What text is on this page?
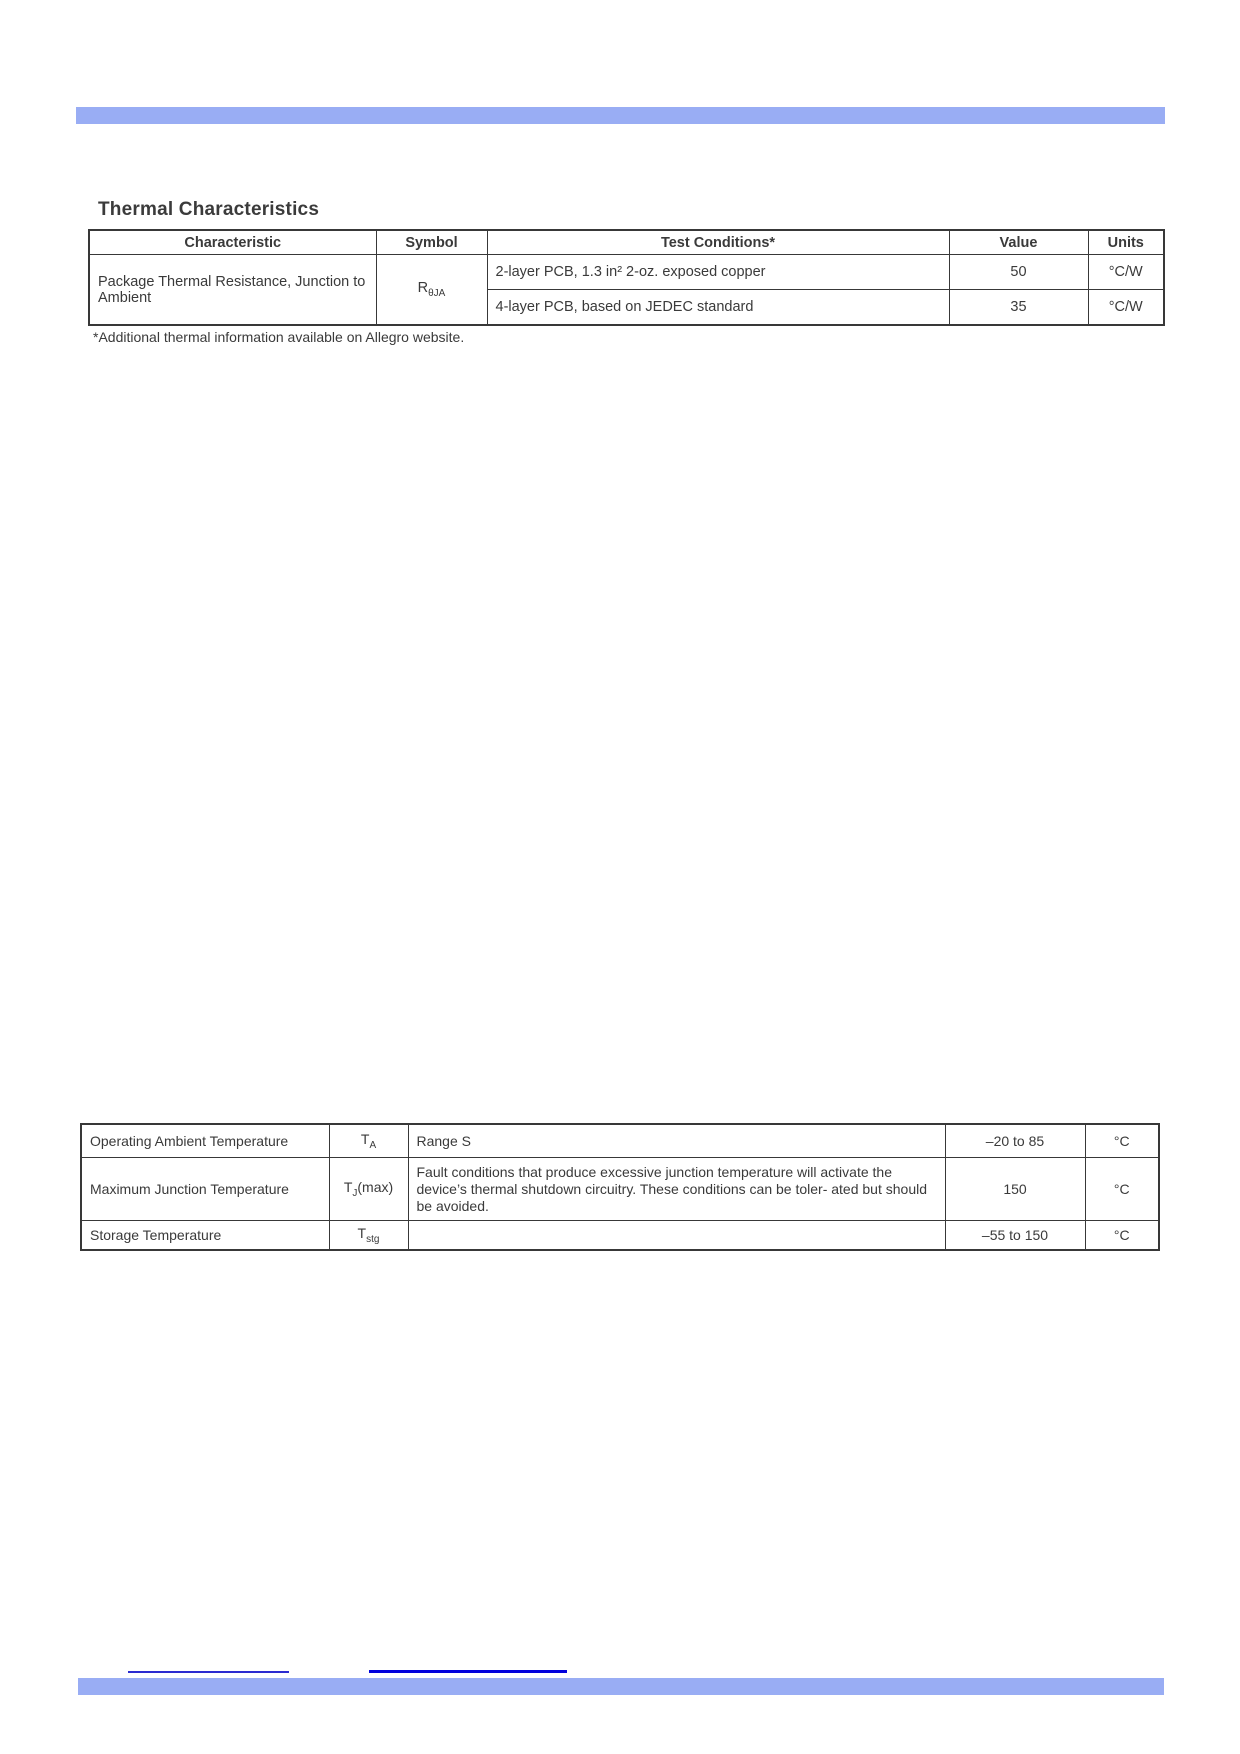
Thermal Characteristics
Characteristic	Symbol	Test Conditions*	Value	Units
Package Thermal Resistance, Junction to Ambient	$R_{\theta JA}$	2-layer PCB, 1.3 in² 2-oz. exposed copper	50	°C/W
		4-layer PCB, based on JEDEC standard	35	°C/W
*Additional thermal information available on Allegro website.
Operating Ambient Temperature	$T_A$	Range S	–20 to 85	°C
Maximum Junction Temperature	$T_J(\max)$	Fault conditions that produce excessive junction temperature will activate the device’s thermal shutdown circuitry. These conditions can be toler- ated but should be avoided.	150	°C
Storage Temperature	$T_{stg}$		–55 to 150	°C
